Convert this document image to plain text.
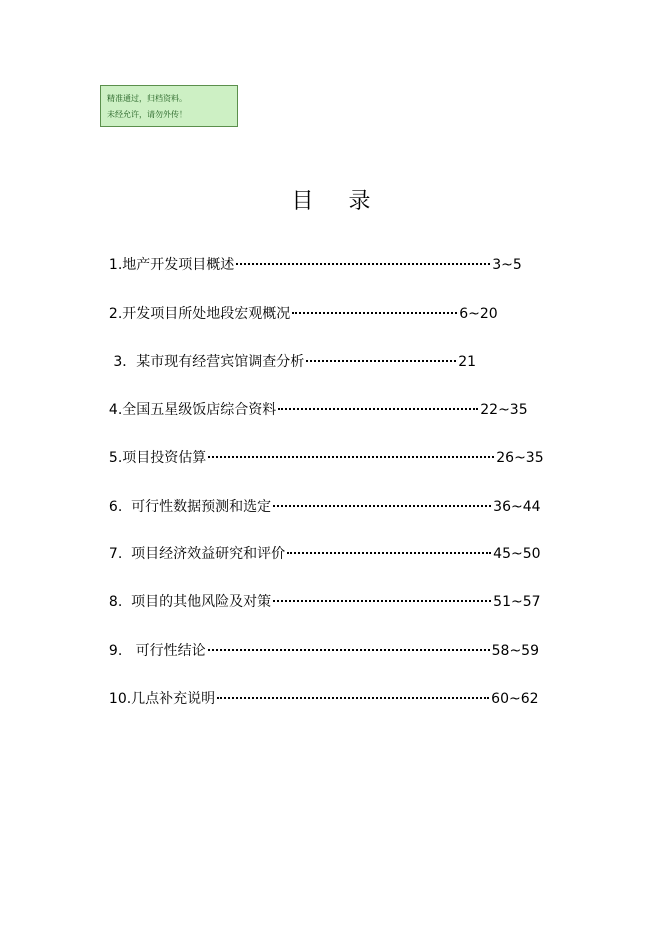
精准通过，归档资料。
未经允许，请勿外传！
目 录

1.地产开发项目概述	3~5

2.开发项目所处地段宏观概况	6~20

3．某市现有经营宾馆调查分析	21

4.全国五星级饭店综合资料	22~35

5.项目投资估算	26~35

6.  可行性数据预测和选定	36~44

7.  项目经济效益研究和评价	45~50

8.  项目的其他风险及对策	51~57

9.   可行性结论	58~59

10.几点补充说明	60~62
